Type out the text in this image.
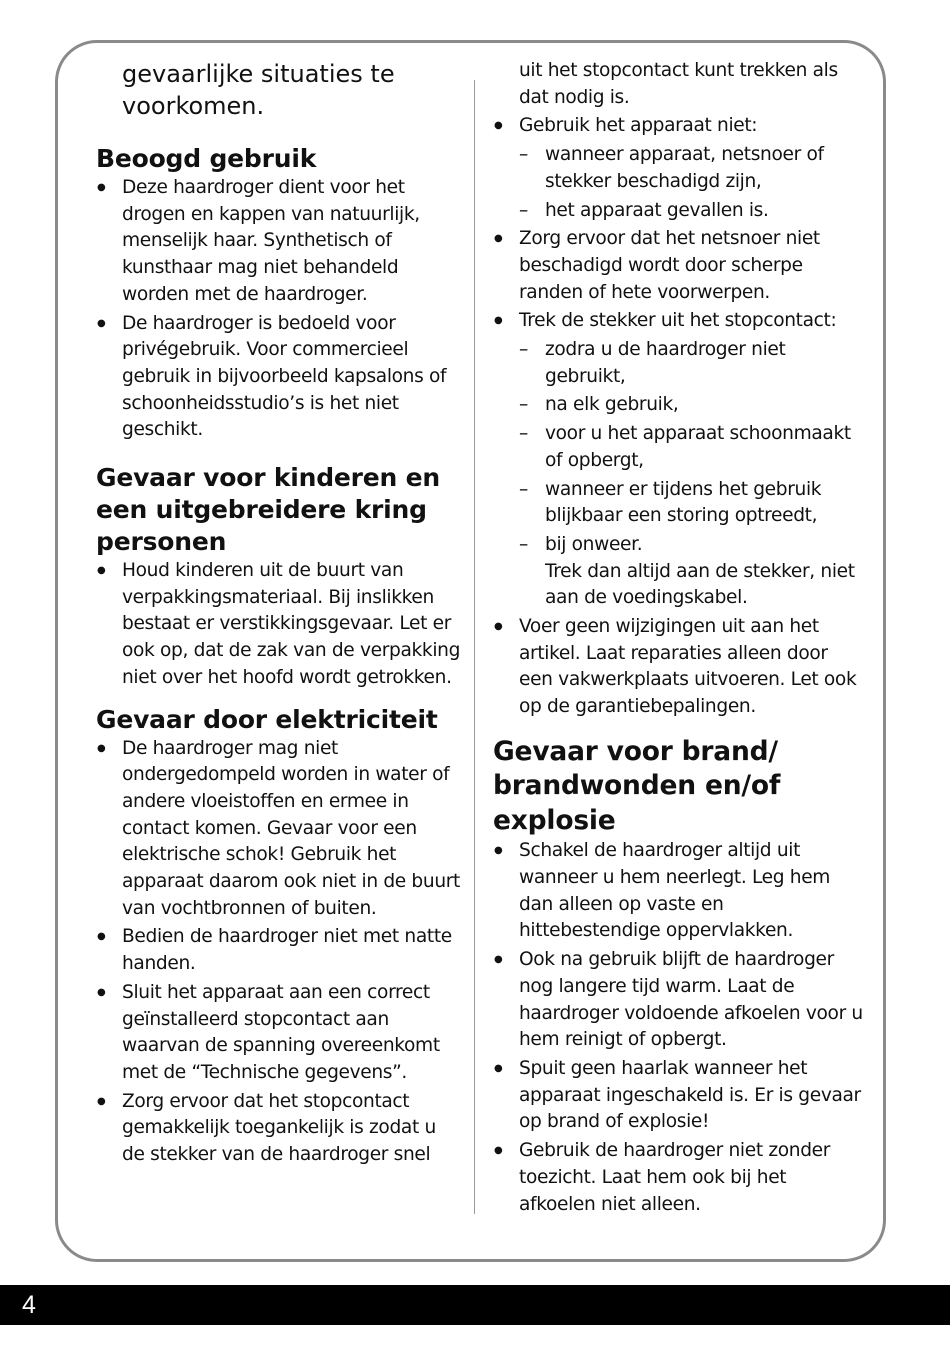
gevaarlijke situaties te voorkomen.
Beoogd gebruik
● Deze haardroger dient voor het drogen en kappen van natuurlijk, menselijk haar. Synthetisch of kunsthaar mag niet behandeld worden met de haardroger.
● De haardroger is bedoeld voor privégebruik. Voor commercieel gebruik in bijvoorbeeld kapsalons of schoonheidsstudio’s is het niet geschikt.
Gevaar voor kinderen en een uitgebreidere kring personen
● Houd kinderen uit de buurt van verpakkingsmateriaal. Bij inslikken bestaat er verstikkingsgevaar. Let er ook op, dat de zak van de verpakking niet over het hoofd wordt getrokken.
Gevaar door elektriciteit
● De haardroger mag niet ondergedompeld worden in water of andere vloeistoffen en ermee in contact komen. Gevaar voor een elektrische schok! Gebruik het apparaat daarom ook niet in de buurt van vochtbronnen of buiten.
● Bedien de haardroger niet met natte handen.
● Sluit het apparaat aan een correct geïnstalleerd stopcontact aan waarvan de spanning overeenkomt met de “Technische gegevens”.
● Zorg ervoor dat het stopcontact gemakkelijk toegankelijk is zodat u de stekker van de haardroger snel
uit het stopcontact kunt trekken als dat nodig is.
● Gebruik het apparaat niet:
– wanneer apparaat, netsnoer of stekker beschadigd zijn,
– het apparaat gevallen is.
● Zorg ervoor dat het netsnoer niet beschadigd wordt door scherpe randen of hete voorwerpen.
● Trek de stekker uit het stopcontact:
– zodra u de haardroger niet gebruikt,
– na elk gebruik,
– voor u het apparaat schoonmaakt of opbergt,
– wanneer er tijdens het gebruik blijkbaar een storing optreedt,
– bij onweer.
Trek dan altijd aan de stekker, niet aan de voedingskabel.
● Voer geen wijzigingen uit aan het artikel. Laat reparaties alleen door een vakwerkplaats uitvoeren. Let ook op de garantiebepalingen.
Gevaar voor brand/ brandwonden en/of explosie
● Schakel de haardroger altijd uit wanneer u hem neerlegt. Leg hem dan alleen op vaste en hittebestendige oppervlakken.
● Ook na gebruik blijft de haardroger nog langere tijd warm. Laat de haardroger voldoende afkoelen voor u hem reinigt of opbergt.
● Spuit geen haarlak wanneer het apparaat ingeschakeld is. Er is gevaar op brand of explosie!
● Gebruik de haardroger niet zonder toezicht. Laat hem ook bij het afkoelen niet alleen.
4
